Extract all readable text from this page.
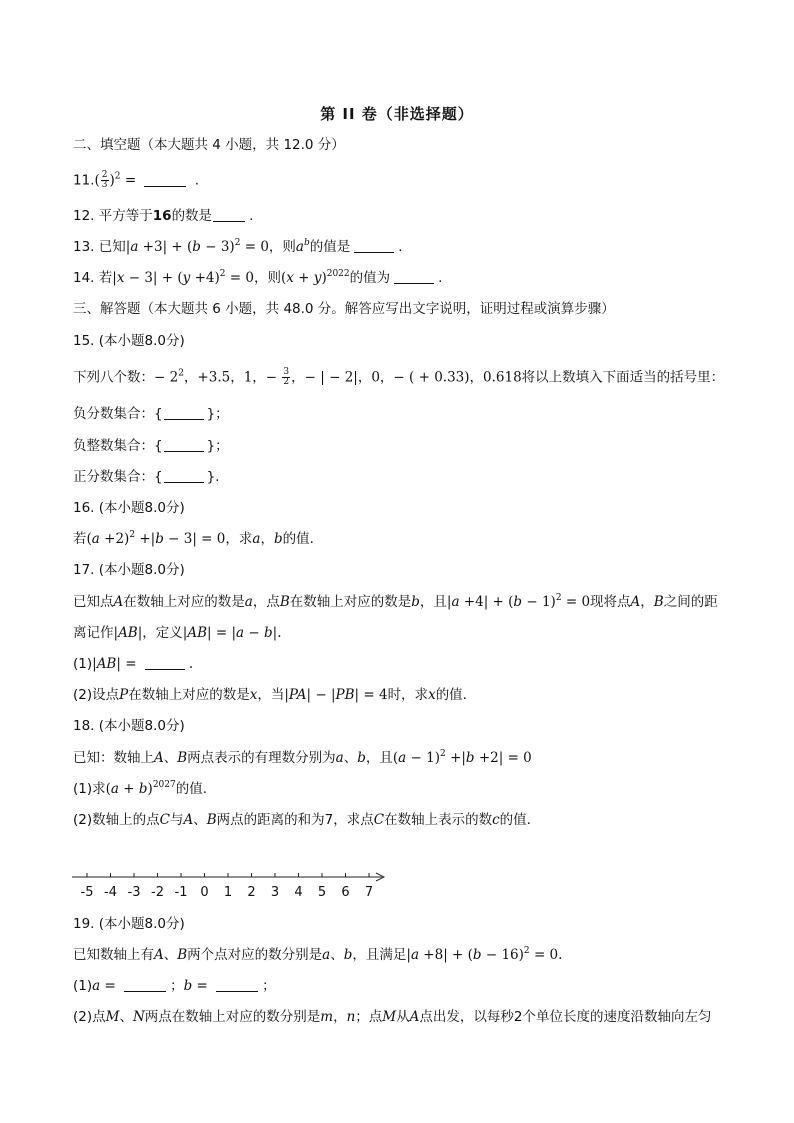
第 II 卷（非选择题）
二、填空题（本大题共 4 小题，共 12.0 分）
$11.( \frac{2}{3} )^2$ =	.
12. 平方等于16的数是	.
13. 已知$|a +3| + (b - 3)^2 = 0$，则$a^b$的值是	.
14. 若$|x - 3| + (y +4)^2 = 0$，则$(x + y)^{2022}$的值为	.
三、解答题（本大题共 6 小题，共 48.0 分。解答应写出文字说明，证明过程或演算步骤）
15. (本小题8.0分)
下列八个数：− $2^2$，+3.5，1，− $\frac{3}{2}$ ，− | − 2|，0，− ( + 0.33)，0.618将以上数填入下面适当的括号里：
负分数集合：{	}；
负整数集合：{	}；
正分数集合：{	}.
16. (本小题8.0分)
若$(a +2)^2 +|b - 3| = 0$，求a，b的值.
17. (本小题8.0分)
已知点A在数轴上对应的数是a，点B在数轴上对应的数是b，且$|a +4| + (b - 1)^2 = 0$现将点A，B之间的距
离记作|AB|，定义|AB| = |a − b|.
(1)|AB| =	.
(2)设点P在数轴上对应的数是x，当|PA| − |PB| = 4时，求x的值.
18. (本小题8.0分)
已知：数轴上A、B两点表示的有理数分别为a、b，且$(a - 1)^2 +|b +2| = 0$
(1)求$(a + b)^{2027}$的值.
(2)数轴上的点C与A、B两点的距离的和为7，求点C在数轴上表示的数c的值.
-5 -4 -3 -2 -1 0 1 2 3 4 5 6 7
19. (本小题8.0分)
已知数轴上有A、B两个点对应的数分别是a、b，且满足$|a +8| + (b - 16)^2 = 0$.
(1)a =	；b =	；
(2)点M、N两点在数轴上对应的数分别是m，n；点M从A点出发，以每秒2个单位长度的速度沿数轴向左匀
